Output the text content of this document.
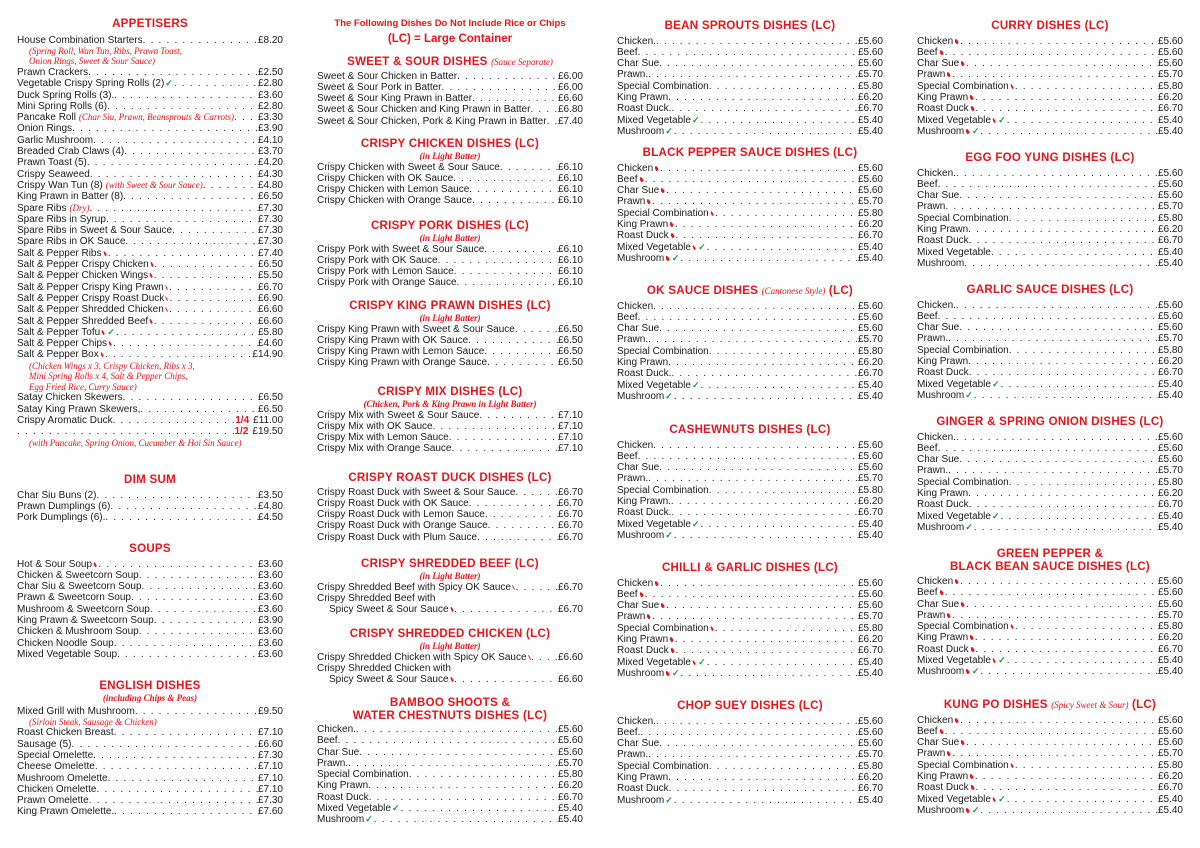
APPETISERS
House Combination Starters . . .	£8.20
(Spring Roll, Wan Tun, Ribs, Prawn Toast,
Onion Rings, Sweet & Sour Sauce)
Prawn Crackers . . .	£2.50
Vegetable Crispy Spring Rolls (2) ✓ . . .	£2.80
Duck Spring Rolls (3). . . .	£3.60
Mini Spring Rolls (6) . . .	£2.80
Pancake Roll (Char Siu, Prawn, Beansprouts & Carrots) . . . £3.30
Onion Rings . . .	£3.90
Garlic Mushroom . . .	£4.10
Breaded Crab Claws (4) . . .	£3.70
Prawn Toast (5) . . .	£4.20
Crispy Seaweed . . .	£4.30
Crispy Wan Tun (8) (with Sweet & Sour Sauce) . . .	£4.80
King Prawn in Batter (8) . . .	£6.50
Spare Ribs (Dry) . . .	£7.30
Spare Ribs in Syrup . . .	£7.30
Spare Ribs in Sweet & Sour Sauce . . .	£7.30
Spare Ribs in OK Sauce . . .	£7.30
Salt & Pepper Ribs . . .	£7.40
Salt & Pepper Crispy Chicken . . .	£6.50
Salt & Pepper Chicken Wings . . .	£5.50
Salt & Pepper Crispy King Prawn . . .	£6.70
Salt & Pepper Crispy Roast Duck . . .	£6.90
Salt & Pepper Shredded Chicken . . .	£6.60
Salt & Pepper Shredded Beef . . .	£6.60
Salt & Pepper Tofu ✓ . . .	£5.80
Salt & Pepper Chips . . .	£4.60
Salt & Pepper Box . . .	£14.90
(Chicken Wings x 3, Crispy Chicken, Ribs x 3,
Mini Spring Rolls x 4, Salt & Pepper Chips,
Egg Fried Rice, Curry Sauce)
Satay Chicken Skewers . . .	£6.50
Satay King Prawn Skewers, . . .	£6.50
Crispy Aromatic Duck . . .	1/4 £11.00
. . .
1/2 £19.50
(with Pancake, Spring Onion, Cucumber & Hoi Sin Sauce)
DIM SUM
Char Siu Buns (2) . . .	£3.50
Prawn Dumplings (6) . . .	£4.80
Pork Dumplings (6). . . .	£4.50
SOUPS
Hot & Sour Soup . . .	£3.60
Chicken & Sweetcorn Soup . . .	£3.60
Char Siu & Sweetcorn Soup . . .	£3.60
Prawn & Sweetcorn Soup . . .	£3.60
Mushroom & Sweetcorn Soup . . .	£3.60
King Prawn & Sweetcorn Soup . . .	£3.90
Chicken & Mushroom Soup . . .	£3.60
Chicken Noodle Soup . . .	£3.60
Mixed Vegetable Soup . . .	£3.60
ENGLISH DISHES
(including Chips & Peas)
Mixed Grill with Mushroom . . .	£9.50
(Sirloin Steak, Sausage & Chicken)
Roast Chicken Breast . . .	£7.10
Sausage (5) . . .	£6.60
Special Omelette . . .	£7.30
Cheese Omelette . . .	£7.10
Mushroom Omelette . . .	£7.10
Chicken Omelette . . .	£7.10
Prawn Omelette . . .	£7.30
King Prawn Omelette. . . .	£7.60
The Following Dishes Do Not Include Rice or Chips
(LC) = Large Container
SWEET & SOUR DISHES (Sauce Separate)
Sweet & Sour Chicken in Batter . . .	£6.00
Sweet & Sour Pork in Batter . . .	£6.00
Sweet & Sour King Prawn in Batter . . .	£6.60
Sweet & Sour Chicken and King Prawn in Batter . . .	£6.80
Sweet & Sour Chicken, Pork & King Prawn in Batter . . . £7.40
CRISPY CHICKEN DISHES (LC)
(in Light Batter)
Crispy Chicken with Sweet & Sour Sauce . . .	£6.10
Crispy Chicken with OK Sauce . . .	£6.10
Crispy Chicken with Lemon Sauce . . .	£6.10
Crispy Chicken with Orange Sauce . . .	£6.10
CRISPY PORK DISHES (LC)
(in Light Batter)
Crispy Pork with Sweet & Sour Sauce . . .	£6.10
Crispy Pork with OK Sauce . . .	£6.10
Crispy Pork with Lemon Sauce . . .	£6.10
Crispy Pork with Orange Sauce . . .	£6.10
CRISPY KING PRAWN DISHES (LC)
(in Light Batter)
Crispy King Prawn with Sweet & Sour Sauce . . .	£6.50
Crispy King Prawn with OK Sauce . . .	£6.50
Crispy King Prawn with Lemon Sauce . . .	£6.50
Crispy King Prawn with Orange Sauce . . .	£6.50
CRISPY MIX DISHES (LC)
(Chicken, Pork & King Prawn in Light Batter)
Crispy Mix with Sweet & Sour Sauce . . .	£7.10
Crispy Mix with OK Sauce . . .	£7.10
Crispy Mix with Lemon Sauce . . .	£7.10
Crispy Mix with Orange Sauce . . .	£7.10
CRISPY ROAST DUCK DISHES (LC)
Crispy Roast Duck with Sweet & Sour Sauce . . .	£6.70
Crispy Roast Duck with OK Sauce . . .	£6.70
Crispy Roast Duck with Lemon Sauce . . .	£6.70
Crispy Roast Duck with Orange Sauce . . .	£6.70
Crispy Roast Duck with Plum Sauce . . .	£6.70
CRISPY SHREDDED BEEF (LC)
(in Light Batter)
Crispy Shredded Beef with Spicy OK Sauce . . .	£6.70
Crispy Shredded Beef with
Spicy Sweet & Sour Sauce . . .	£6.70
CRISPY SHREDDED CHICKEN (LC)
(in Light Batter)
Crispy Shredded Chicken with Spicy OK Sauce . . .	£6.60
Crispy Shredded Chicken with
Spicy Sweet & Sour Sauce . . .	£6.60
BAMBOO SHOOTS &
WATER CHESTNUTS DISHES (LC)
Chicken. . . .	£5.60
Beef . . .	£5.60
Char Sue . . .	£5.60
Prawn. . . .	£5.70
Special Combination . . .	£5.80
King Prawn . . .	£6.20
Roast Duck . . .	£6.70
Mixed Vegetable ✓ . . .	£5.40
Mushroom ✓ . . .	£5.40
BEAN SPROUTS DISHES (LC)
Chicken. . . .	£5.60
Beef . . .	£5.60
Char Sue . . .	£5.60
Prawn. . . .	£5.70
Special Combination . . .	£5.80
King Prawn . . .	£6.20
Roast Duck. . . .	£6.70
Mixed Vegetable ✓ . . .	£5.40
Mushroom ✓ . . .	£5.40
BLACK PEPPER SAUCE DISHES (LC)
Chicken . . .	£5.60
Beef . . .	£5.60
Char Sue . . .	£5.60
Prawn . . .	£5.70
Special Combination . . .	£5.80
King Prawn . . .	£6.20
Roast Duck . . .	£6.70
Mixed Vegetable ✓ . . .	£5.40
Mushroom ✓ . . .	£5.40
OK SAUCE DISHES (Cantonese Style) (LC)
Chicken . . .	£5.60
Beef . . .	£5.60
Char Sue . . .	£5.60
Prawn. . . .	£5.70
Special Combination . . .	£5.80
King Prawn . . .	£6.20
Roast Duck. . . .	£6.70
Mixed Vegetable ✓ . . .	£5.40
Mushroom ✓ . . .	£5.40
CASHEWNUTS DISHES (LC)
Chicken . . .	£5.60
Beef . . .	£5.60
Char Sue . . .	£5.60
Prawn. . . .	£5.70
Special Combination . . .	£5.80
King Prawn. . . .	£6.20
Roast Duck. . . .	£6.70
Mixed Vegetable ✓ . . .	£5.40
Mushroom ✓ . . .	£5.40
CHILLI & GARLIC DISHES (LC)
Chicken . . .	£5.60
Beef . . .	£5.60
Char Sue . . .	£5.60
Prawn . . .	£5.70
Special Combination . . .	£5.80
King Prawn . . .	£6.20
Roast Duck . . .	£6.70
Mixed Vegetable ✓ . . .	£5.40
Mushroom ✓ . . .	£5.40
CHOP SUEY DISHES (LC)
Chicken. . . .	£5.60
Beef. . . .	£5.60
Char Sue . . .	£5.60
Prawn. . . .	£5.70
Special Combination . . .	£5.80
King Prawn . . .	£6.20
Roast Duck . . .	£6.70
Mushroom ✓ . . .	£5.40
CURRY DISHES (LC)
Chicken . . .	£5.60
Beef . . .	£5.60
Char Sue . . .	£5.60
Prawn . . .	£5.70
Special Combination . . .	£5.80
King Prawn . . .	£6.20
Roast Duck . . .	£6.70
Mixed Vegetable ✓ . . .	£5.40
Mushroom ✓ . . .	£5.40
EGG FOO YUNG DISHES (LC)
Chicken. . . .	£5.60
Beef . . .	£5.60
Char Sue . . .	£5.60
Prawn . . .	£5.70
Special Combination . . .	£5.80
King Prawn . . .	£6.20
Roast Duck . . .	£6.70
Mixed Vegetable . . .	£5.40
Mushroom . . .	£5.40
GARLIC SAUCE DISHES (LC)
Chicken. . . .	£5.60
Beef . . .	£5.60
Char Sue . . .	£5.60
Prawn. . . .	£5.70
Special Combination . . .	£5.80
King Prawn . . .	£6.20
Roast Duck . . .	£6.70
Mixed Vegetable ✓ . . .	£5.40
Mushroom ✓ . . .	£5.40
GINGER & SPRING ONION DISHES (LC)
Chicken. . . .	£5.60
Beef . . .	£5.60
Char Sue . . .	£5.60
Prawn. . . .	£5.70
Special Combination . . .	£5.80
King Prawn . . .	£6.20
Roast Duck . . .	£6.70
Mixed Vegetable ✓ . . .	£5.40
Mushroom ✓ . . .	£5.40
GREEN PEPPER &
BLACK BEAN SAUCE DISHES (LC)
Chicken . . .	£5.60
Beef . . .	£5.60
Char Sue . . .	£5.60
Prawn . . .	£5.70
Special Combination . . .	£5.80
King Prawn . . .	£6.20
Roast Duck . . .	£6.70
Mixed Vegetable ✓ . . .	£5.40
Mushroom ✓ . . .	£5.40
KUNG PO DISHES (Spicy Sweet & Sour) (LC)
Chicken . . .	£5.60
Beef . . .	£5.60
Char Sue . . .	£5.60
Prawn . . .	£5.70
Special Combination . . .	£5.80
King Prawn . . .	£6.20
Roast Duck . . .	£6.70
Mixed Vegetable ✓ . . .	£5.40
Mushroom ✓ . . .	£5.40
